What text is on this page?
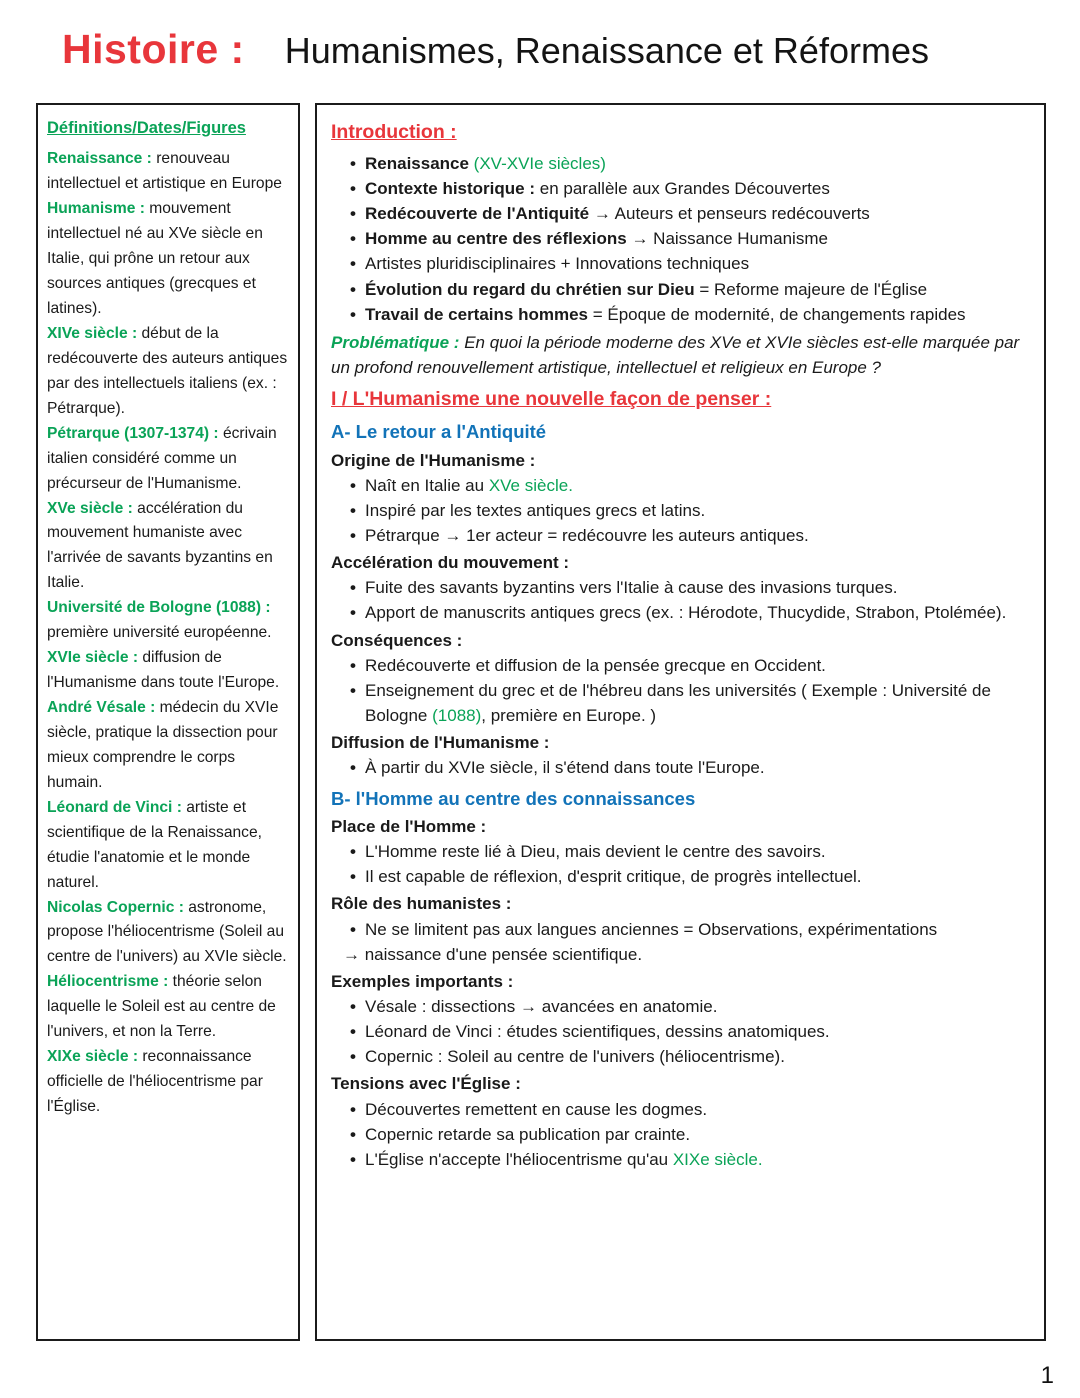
Histoire : Humanismes, Renaissance et Réformes
Définitions/Dates/Figures

Renaissance : renouveau intellectuel et artistique en Europe

Humanisme : mouvement intellectuel né au XVe siècle en Italie, qui prône un retour aux sources antiques (grecques et latines).

XIVe siècle : début de la redécouverte des auteurs antiques par des intellectuels italiens (ex. : Pétrarque).

Pétrarque (1307-1374) : écrivain italien considéré comme un précurseur de l'Humanisme.

XVe siècle : accélération du mouvement humaniste avec l'arrivée de savants byzantins en Italie.

Université de Bologne (1088) : première université européenne.

XVIe siècle : diffusion de l'Humanisme dans toute l'Europe.

André Vésale : médecin du XVIe siècle, pratique la dissection pour mieux comprendre le corps humain.

Léonard de Vinci : artiste et scientifique de la Renaissance, étudie l'anatomie et le monde naturel.

Nicolas Copernic : astronome, propose l'héliocentrisme (Soleil au centre de l'univers) au XVIe siècle.

Héliocentrisme : théorie selon laquelle le Soleil est au centre de l'univers, et non la Terre.

XIXe siècle : reconnaissance officielle de l'héliocentrisme par l'Église.

Introduction :
• Renaissance (XV-XVIe siècles)
• Contexte historique : en parallèle aux Grandes Découvertes
• Redécouverte de l'Antiquité → Auteurs et penseurs redécouverts
• Homme au centre des réflexions → Naissance Humanisme
• Artistes pluridisciplinaires + Innovations techniques
• Évolution du regard du chrétien sur Dieu = Reforme majeure de l'Église
• Travail de certains hommes = Époque de modernité, de changements rapides
Problématique : En quoi la période moderne des XVe et XVIe siècles est-elle marquée par un profond renouvellement artistique, intellectuel et religieux en Europe ?
I / L'Humanisme une nouvelle façon de penser :
A- Le retour a l'Antiquité
Origine de l'Humanisme :
• Naît en Italie au XVe siècle.
• Inspiré par les textes antiques grecs et latins.
• Pétrarque → 1er acteur = redécouvre les auteurs antiques.
Accélération du mouvement :
• Fuite des savants byzantins vers l'Italie à cause des invasions turques.
• Apport de manuscrits antiques grecs (ex. : Hérodote, Thucydide, Strabon, Ptolémée).
Conséquences :
• Redécouverte et diffusion de la pensée grecque en Occident.
• Enseignement du grec et de l'hébreu dans les universités ( Exemple : Université de Bologne (1088), première en Europe. )
Diffusion de l'Humanisme :
• À partir du XVIe siècle, il s'étend dans toute l'Europe.
B- l'Homme au centre des connaissances
Place de l'Homme :
• L'Homme reste lié à Dieu, mais devient le centre des savoirs.
• Il est capable de réflexion, d'esprit critique, de progrès intellectuel.
Rôle des humanistes :
• Ne se limitent pas aux langues anciennes = Observations, expérimentations
→ naissance d'une pensée scientifique.
Exemples importants :
• Vésale : dissections → avancées en anatomie.
• Léonard de Vinci : études scientifiques, dessins anatomiques.
• Copernic : Soleil au centre de l'univers (héliocentrisme).
Tensions avec l'Église :
• Découvertes remettent en cause les dogmes.
• Copernic retarde sa publication par crainte.
• L'Église n'accepte l'héliocentrisme qu'au XIXe siècle.
1
